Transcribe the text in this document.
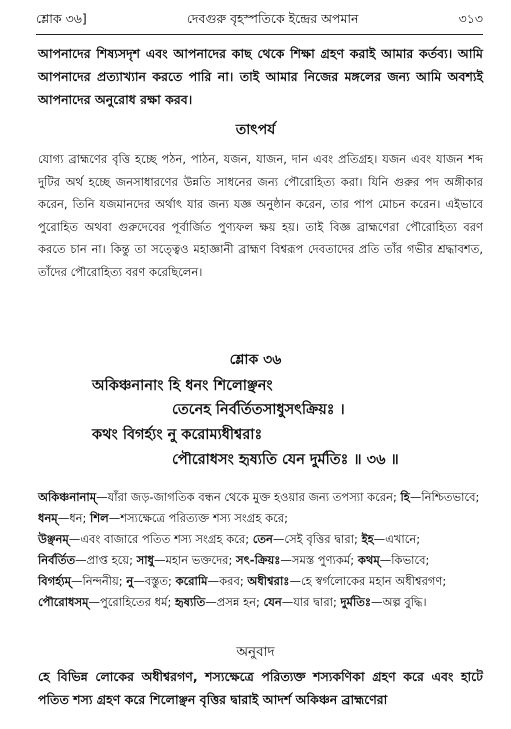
শ্লোক ৩৬]	দেবগুরু বৃহস্পতিকে ইন্দ্রের অপমান	৩১৩

আপনাদের শিষ্যসদৃশ এবং আপনাদের কাছ থেকে শিক্ষা গ্রহণ করাই আমার কর্তব্য। আমি আপনাদের প্রত্যাখ্যান করতে পারি না। তাই আমার নিজের মঙ্গলের জন্য আমি অবশ্যই আপনাদের অনুরোধ রক্ষা করব।

তাৎপর্য

যোগ্য ব্রাহ্মণের বৃত্তি হচ্ছে পঠন, পাঠন, যজন, যাজন, দান এবং প্রতিগ্রহ। যজন এবং যাজন শব্দ দুটির অর্থ হচ্ছে জনসাধারণের উন্নতি সাধনের জন্য পৌরোহিত্য করা। যিনি গুরুর পদ অঙ্গীকার করেন, তিনি যজমানদের অর্থাৎ যার জন্য যজ্ঞ অনুষ্ঠান করেন, তার পাপ মোচন করেন। এইভাবে পুরোহিত অথবা গুরুদেবের পূর্বার্জিত পুণ্যফল ক্ষয় হয়। তাই বিজ্ঞ ব্রাহ্মণেরা পৌরোহিত্য বরণ করতে চান না। কিন্তু তা সত্ত্বেও মহাজ্ঞানী ব্রাহ্মণ বিশ্বরূপ দেবতাদের প্রতি তাঁর গভীর শ্রদ্ধাবশত, তাঁদের পৌরোহিত্য বরণ করেছিলেন।

শ্লোক ৩৬
অকিঞ্চনানাং হি ধনং শিলোঞ্ছনং
তেনেহ নির্বর্তিতসাধুসৎক্রিয়ঃ ।
কথং বিগর্হ্যং নু করোম্যধীশ্বরাঃ
পৌরোধসং হৃষ্যতি যেন দুর্মতিঃ ॥ ৩৬ ॥

অকিঞ্চনানাম্—যাঁরা জড়-জাগতিক বন্ধন থেকে মুক্ত হওয়ার জন্য তপস্যা করেন; হি—নিশ্চিতভাবে; ধনম্—ধন; শিল—শস্যক্ষেত্রে পরিত্যক্ত শস্য সংগ্রহ করে; উঞ্ছনম্—এবং বাজারে পতিত শস্য সংগ্রহ করে; তেন—সেই বৃত্তির দ্বারা; ইহ—এখানে; নির্বর্তিত—প্রাপ্ত হয়ে; সাধু—মহান ভক্তদের; সৎ-ক্রিয়ঃ—সমস্ত পুণ্যকর্ম; কথম্—কিভাবে; বিগর্হ্যম্—নিন্দনীয়; নু—বস্তুত; করোমি—করব; অধীশ্বরাঃ—হে স্বর্গলোকের মহান অধীশ্বরগণ; পৌরোধসম্—পুরোহিতের ধর্ম; হৃষ্যতি—প্রসন্ন হন; যেন—যার দ্বারা; দুর্মতিঃ—অল্প বুদ্ধি।

অনুবাদ

হে বিভিন্ন লোকের অধীশ্বরগণ, শস্যক্ষেত্রে পরিত্যক্ত শস্যকণিকা গ্রহণ করে এবং হাটে পতিত শস্য গ্রহণ করে শিলোঞ্ছন বৃত্তির দ্বারাই আদর্শ অকিঞ্চন ব্রাহ্মণেরা
